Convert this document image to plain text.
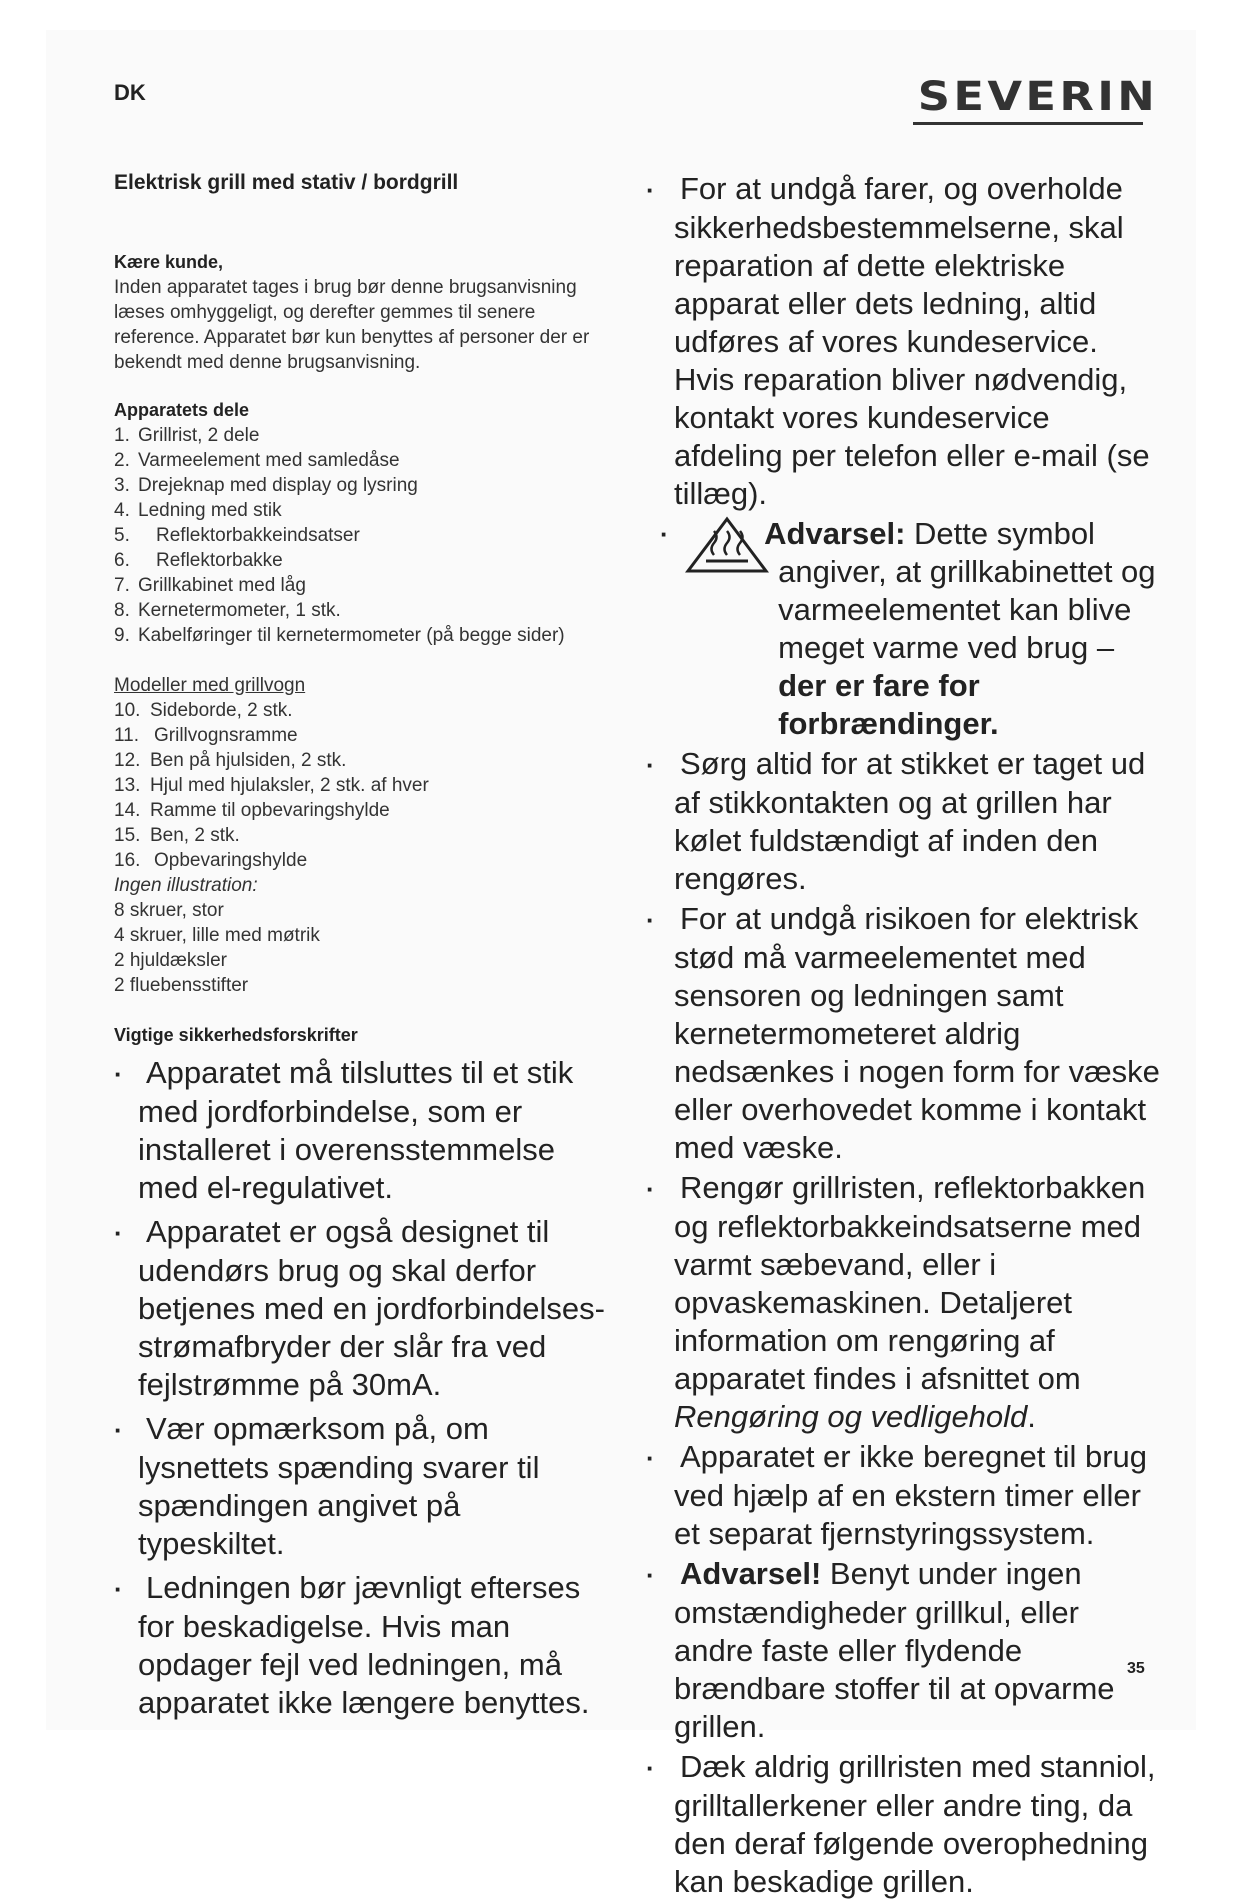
DK	SEVERIN
Elektrisk grill med stativ / bordgrill
Kære kunde,
Inden apparatet tages i brug bør denne brugsanvisning læses omhyggeligt, og derefter gemmes til senere reference. Apparatet bør kun benyttes af personer der er bekendt med denne brugsanvisning.
Apparatets dele
1. Grillrist, 2 dele
2. Varmeelement med samledåse
3. Drejeknap med display og lysring
4. Ledning med stik
5.	Reflektorbakkeindsatser
6.	Reflektorbakke
7. Grillkabinet med låg
8. Kernetermometer, 1 stk.
9. Kabelføringer til kernetermometer (på begge sider)
Modeller med grillvogn
10. Sideborde, 2 stk.
11. Grillvognsramme
12. Ben på hjulsiden, 2 stk.
13. Hjul med hjulaksler, 2 stk. af hver
14. Ramme til opbevaringshylde
15. Ben, 2 stk.
16. Opbevaringshylde
Ingen illustration:
8 skruer, stor
4 skruer, lille med møtrik
2 hjuldæksler
2 fluebensstifter
Vigtige sikkerhedsforskrifter
· Apparatet må tilsluttes til et stik med jordforbindelse, som er installeret i overensstemmelse med el-regulativet.
· Apparatet er også designet til udendørs brug og skal derfor betjenes med en jordforbindelses-strømafbryder der slår fra ved fejlstrømme på 30mA.
· Vær opmærksom på, om lysnettets spænding svarer til spændingen angivet på typeskiltet.
· Ledningen bør jævnligt efterses for beskadigelse. Hvis man opdager fejl ved ledningen, må apparatet ikke længere benyttes.
· For at undgå farer, og overholde sikkerhedsbestemmelserne, skal reparation af dette elektriske apparat eller dets ledning, altid udføres af vores kundeservice. Hvis reparation bliver nødvendig, kontakt vores kundeservice afdeling per telefon eller e-mail (se tillæg).
·	Advarsel: Dette symbol angiver, at grillkabinettet og varmeelementet kan blive meget varme ved brug – der er fare for forbrændinger.
· Sørg altid for at stikket er taget ud af stikkontakten og at grillen har kølet fuldstændigt af inden den rengøres.
· For at undgå risikoen for elektrisk stød må varmeelementet med sensoren og ledningen samt kernetermometeret aldrig nedsænkes i nogen form for væske eller overhovedet komme i kontakt med væske.
· Rengør grillristen, reflektorbakken og reflektorbakkeindsatserne med varmt sæbevand, eller i opvaskemaskinen. Detaljeret information om rengøring af apparatet findes i afsnittet om Rengøring og vedligehold.
· Apparatet er ikke beregnet til brug ved hjælp af en ekstern timer eller et separat fjernstyringssystem.
· Advarsel! Benyt under ingen omstændigheder grillkul, eller andre faste eller flydende brændbare stoffer til at opvarme grillen.
· Dæk aldrig grillristen med stanniol, grilltallerkener eller andre ting, da den deraf følgende overophedning kan beskadige grillen.
35
